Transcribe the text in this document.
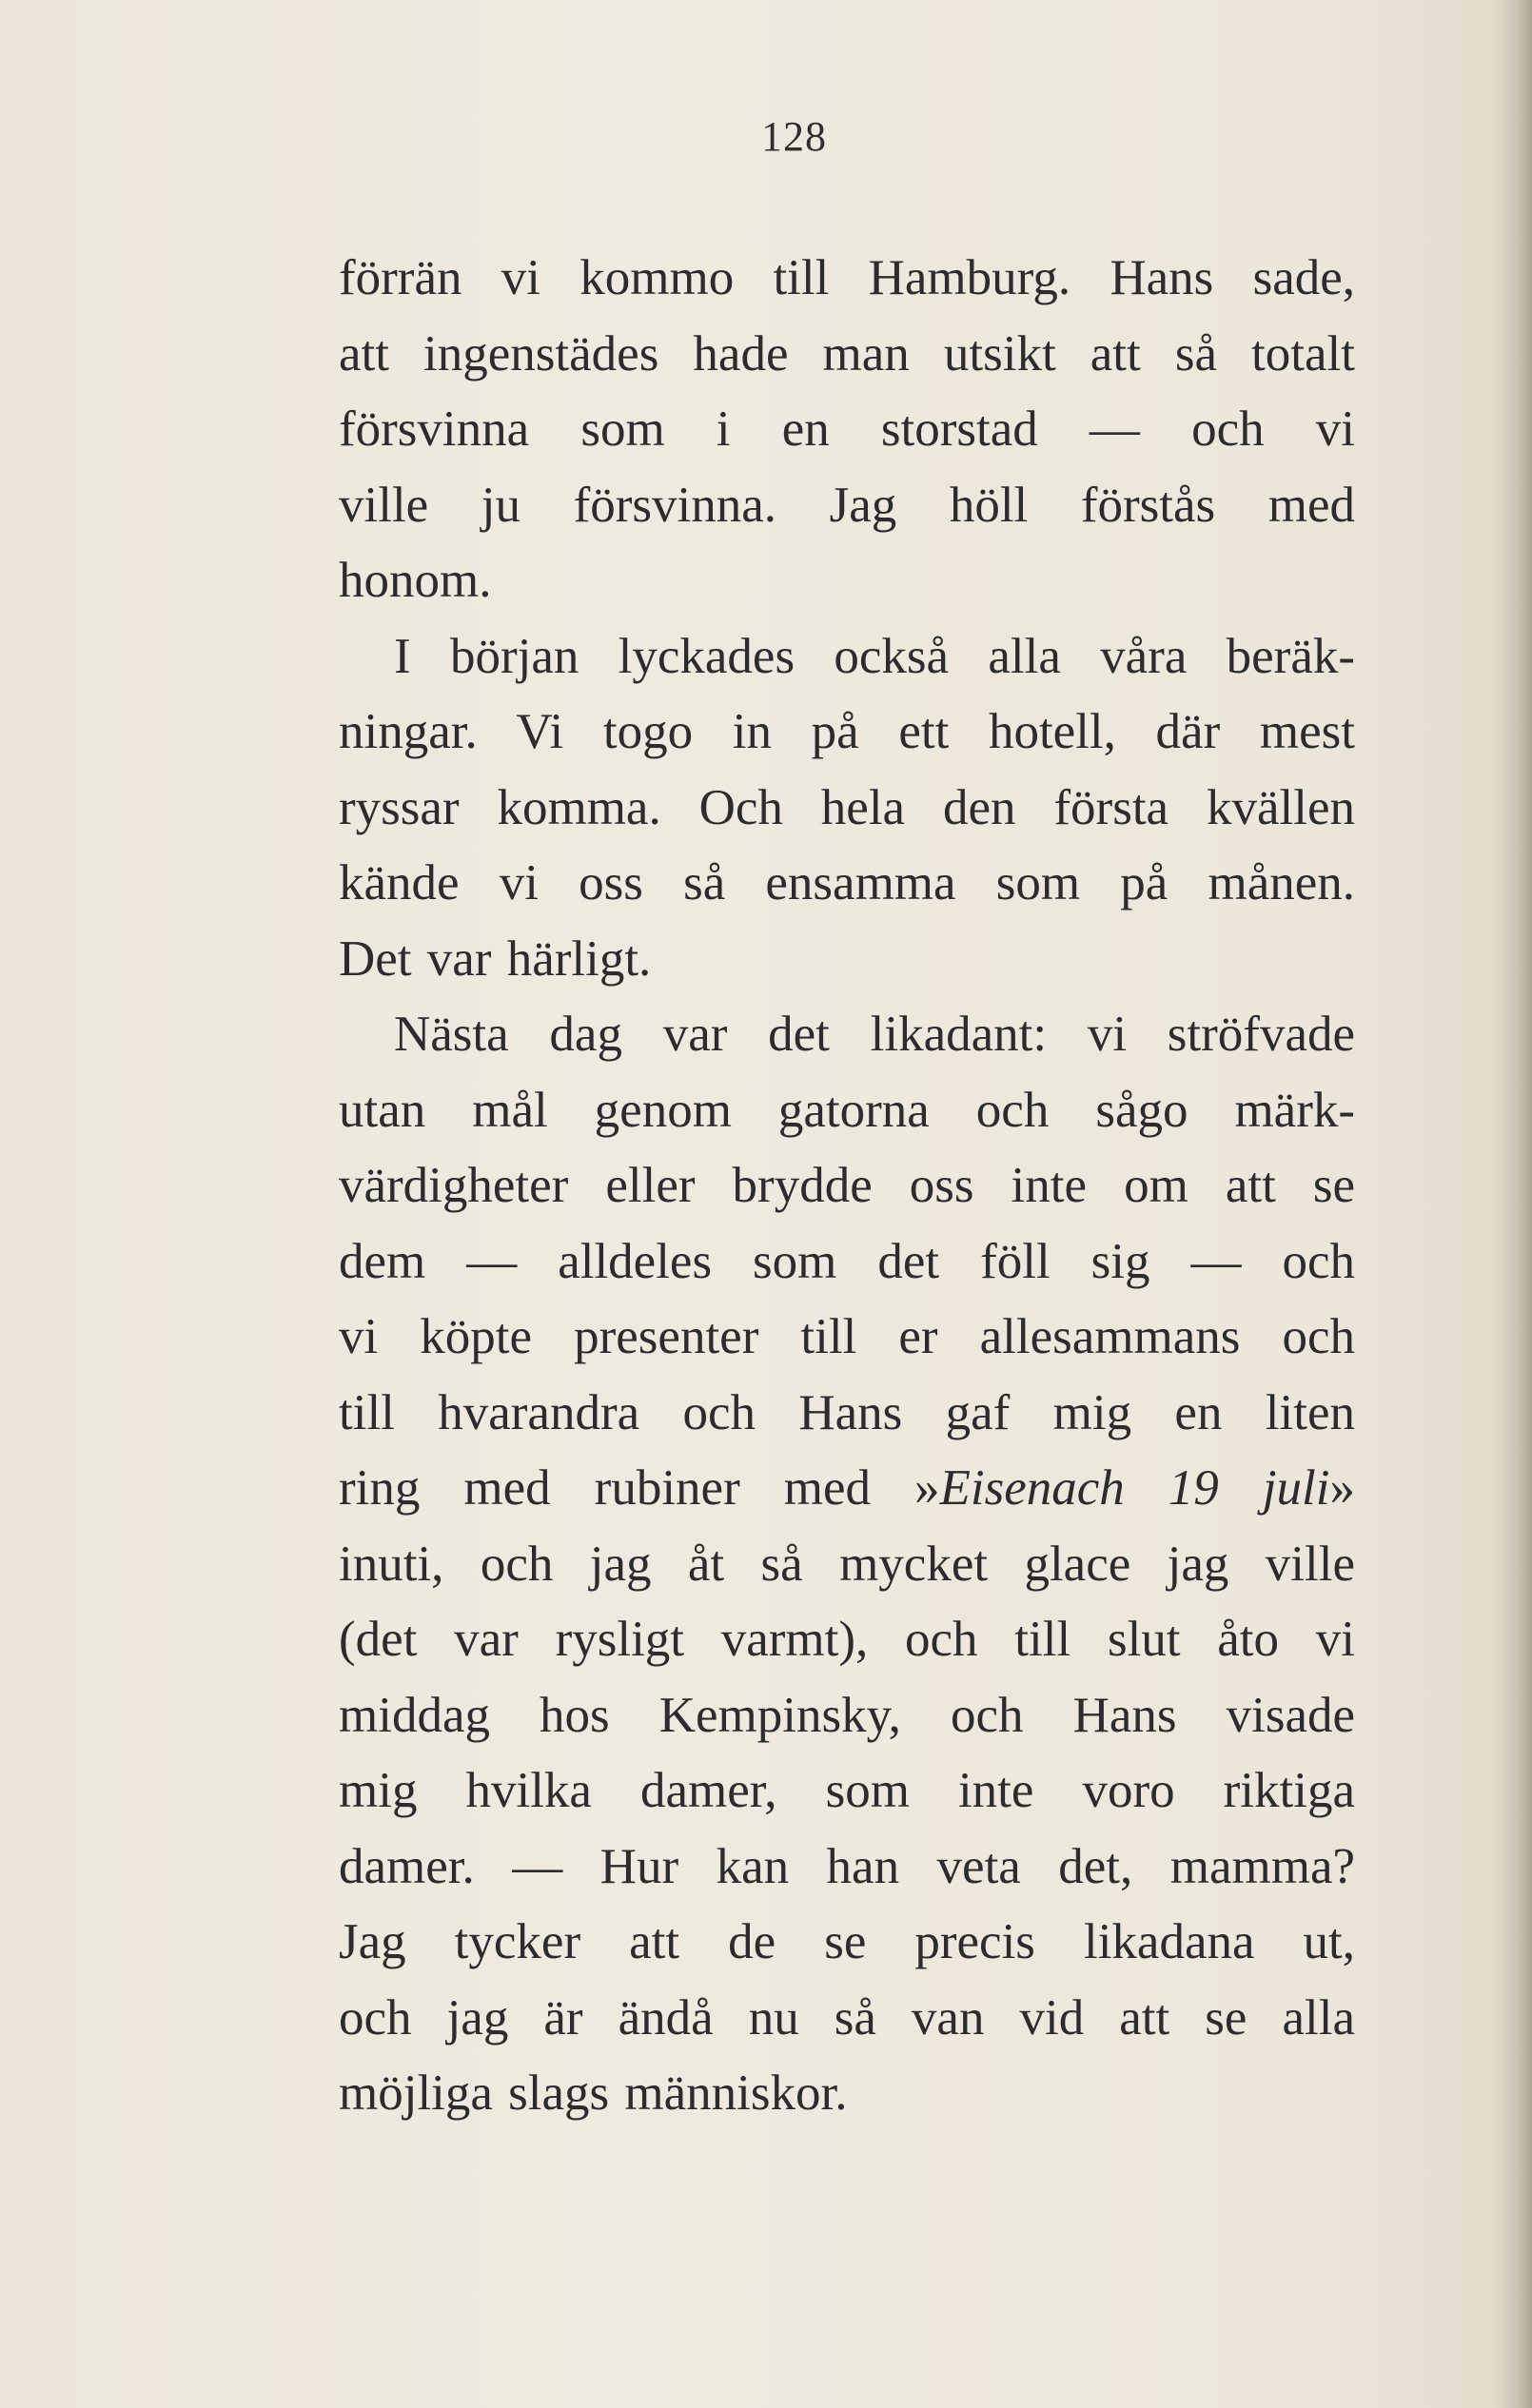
128
förrän vi kommo till Hamburg. Hans sade,
att ingenstädes hade man utsikt att så totalt
försvinna som i en storstad — och vi
ville ju försvinna. Jag höll förstås med
honom.
I början lyckades också alla våra beräk-
ningar. Vi togo in på ett hotell, där mest
ryssar komma. Och hela den första kvällen
kände vi oss så ensamma som på månen.
Det var härligt.
Nästa dag var det likadant: vi ströfvade
utan mål genom gatorna och sågo märk-
värdigheter eller brydde oss inte om att se
dem — alldeles som det föll sig — och
vi köpte presenter till er allesammans och
till hvarandra och Hans gaf mig en liten
ring med rubiner med »Eisenach 19 juli»
inuti, och jag åt så mycket glace jag ville
(det var rysligt varmt), och till slut åto vi
middag hos Kempinsky, och Hans visade
mig hvilka damer, som inte voro riktiga
damer. — Hur kan han veta det, mamma?
Jag tycker att de se precis likadana ut,
och jag är ändå nu så van vid att se alla
möjliga slags människor.
